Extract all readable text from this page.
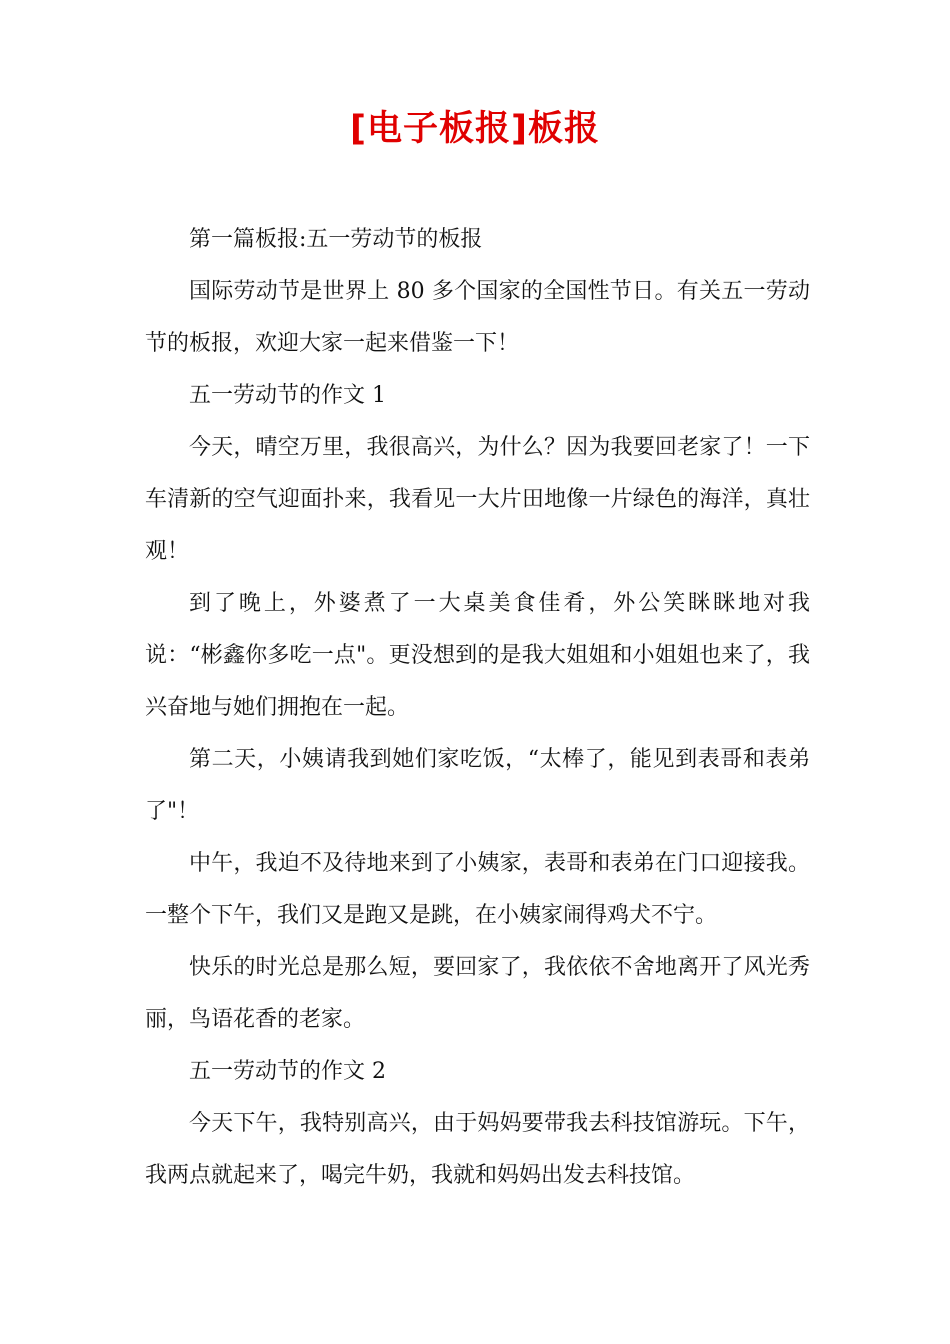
[电子板报]板报

第一篇板报:五一劳动节的板报

国际劳动节是世界上 80 多个国家的全国性节日。有关五一劳动节的板报，欢迎大家一起来借鉴一下！

五一劳动节的作文 1

今天，晴空万里，我很高兴，为什么？因为我要回老家了！一下车清新的空气迎面扑来，我看见一大片田地像一片绿色的海洋，真壮观！

到了晚上，外婆煮了一大桌美食佳肴，外公笑眯眯地对我说：“彬鑫你多吃一点"。更没想到的是我大姐姐和小姐姐也来了，我兴奋地与她们拥抱在一起。

第二天，小姨请我到她们家吃饭，“太棒了，能见到表哥和表弟了"！

中午，我迫不及待地来到了小姨家，表哥和表弟在门口迎接我。一整个下午，我们又是跑又是跳，在小姨家闹得鸡犬不宁。

快乐的时光总是那么短，要回家了，我依依不舍地离开了风光秀丽，鸟语花香的老家。

五一劳动节的作文 2

今天下午，我特别高兴，由于妈妈要带我去科技馆游玩。下午，我两点就起来了，喝完牛奶，我就和妈妈出发去科技馆。
